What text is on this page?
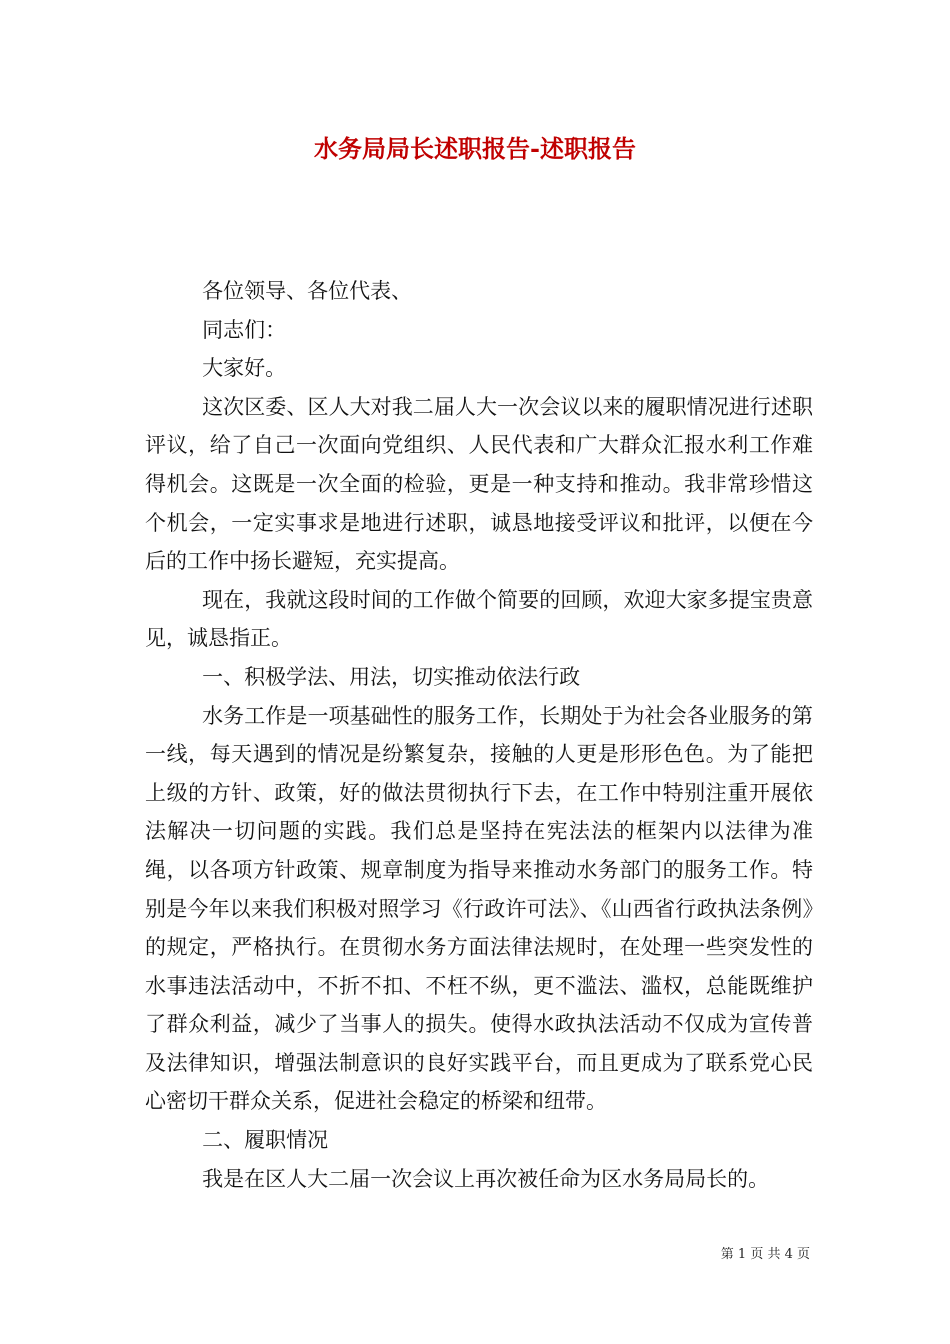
水务局局长述职报告-述职报告

各位领导、各位代表、

同志们：

大家好。

这次区委、区人大对我二届人大一次会议以来的履职情况进行述职评议，给了自己一次面向党组织、人民代表和广大群众汇报水利工作难得机会。这既是一次全面的检验，更是一种支持和推动。我非常珍惜这个机会，一定实事求是地进行述职，诚恳地接受评议和批评，以便在今后的工作中扬长避短，充实提高。

现在，我就这段时间的工作做个简要的回顾，欢迎大家多提宝贵意见，诚恳指正。

一、积极学法、用法，切实推动依法行政

水务工作是一项基础性的服务工作，长期处于为社会各业服务的第一线，每天遇到的情况是纷繁复杂，接触的人更是形形色色。为了能把上级的方针、政策，好的做法贯彻执行下去，在工作中特别注重开展依法解决一切问题的实践。我们总是坚持在宪法法的框架内以法律为准绳，以各项方针政策、规章制度为指导来推动水务部门的服务工作。特别是今年以来我们积极对照学习《行政许可法》、《山西省行政执法条例》的规定，严格执行。在贯彻水务方面法律法规时，在处理一些突发性的水事违法活动中，不折不扣、不枉不纵，更不滥法、滥权，总能既维护了群众利益，减少了当事人的损失。使得水政执法活动不仅成为宣传普及法律知识，增强法制意识的良好实践平台，而且更成为了联系党心民心密切干群众关系，促进社会稳定的桥梁和纽带。

二、履职情况

我是在区人大二届一次会议上再次被任命为区水务局局长的。

第 1 页 共 4 页
